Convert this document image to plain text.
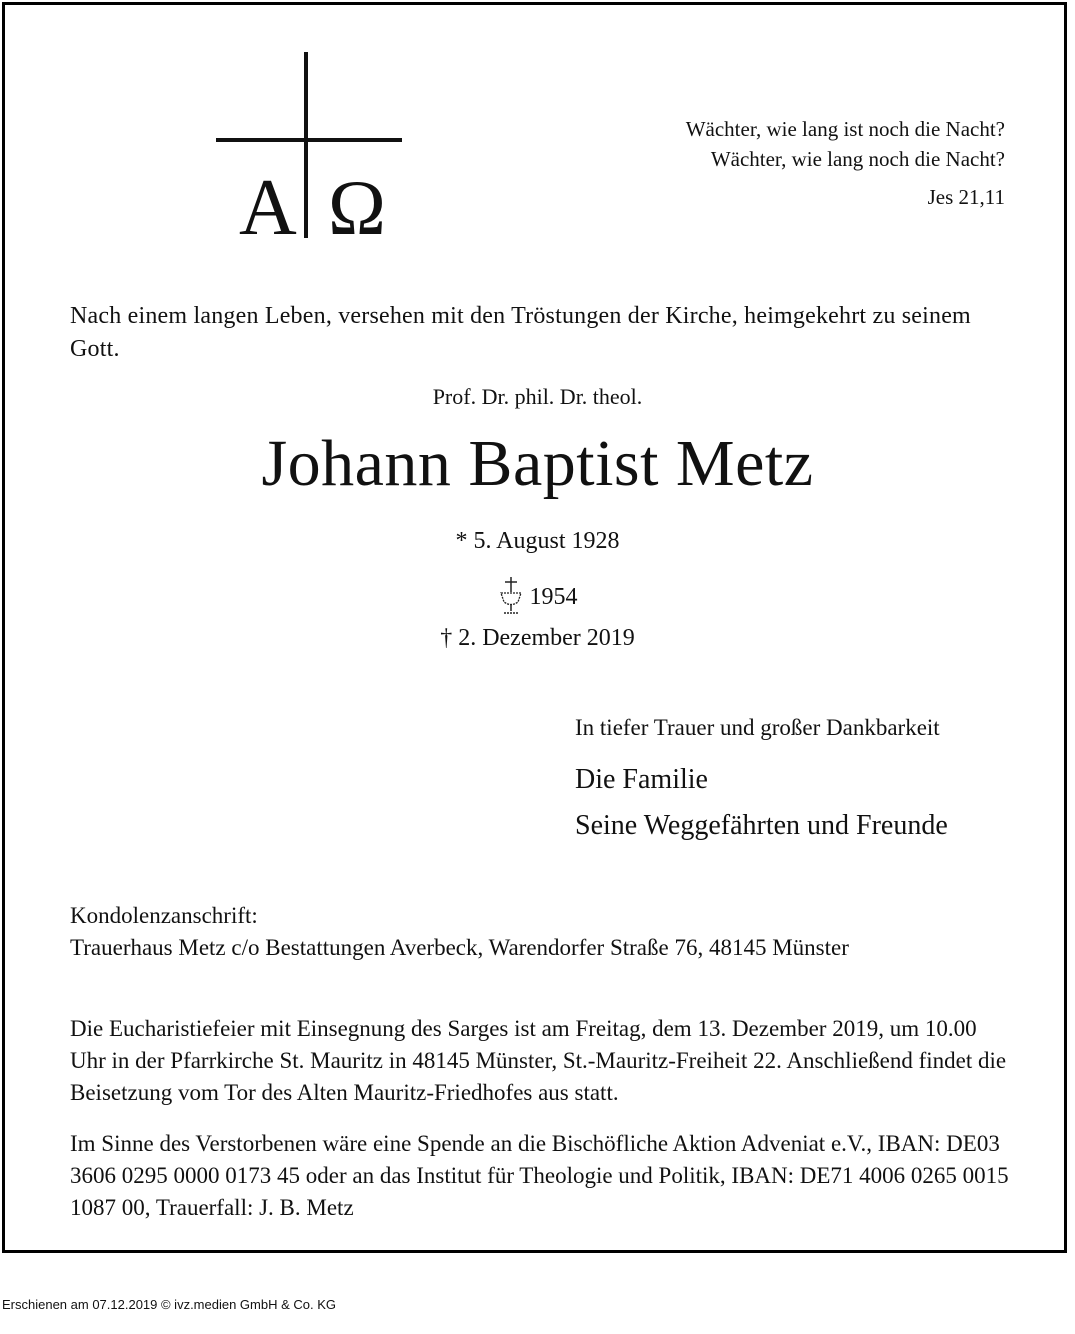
A Ω
Wächter, wie lang ist noch die Nacht?
Wächter, wie lang noch die Nacht?
Jes 21,11
Nach einem langen Leben, versehen mit den Tröstungen der Kirche, heimgekehrt zu seinem Gott.
Prof. Dr. phil. Dr. theol.
Johann Baptist Metz
* 5. August 1928
1954
† 2. Dezember 2019
In tiefer Trauer und großer Dankbarkeit
Die Familie
Seine Weggefährten und Freunde
Kondolenzanschrift:
Trauerhaus Metz c/o Bestattungen Averbeck, Warendorfer Straße 76, 48145 Münster
Die Eucharistiefeier mit Einsegnung des Sarges ist am Freitag, dem 13. Dezember 2019, um 10.00 Uhr in der Pfarrkirche St. Mauritz in 48145 Münster, St.-Mauritz-Freiheit 22. Anschließend findet die Beisetzung vom Tor des Alten Mauritz-Friedhofes aus statt.
Im Sinne des Verstorbenen wäre eine Spende an die Bischöfliche Aktion Adveniat e.V., IBAN: DE03 3606 0295 0000 0173 45 oder an das Institut für Theologie und Politik, IBAN: DE71 4006 0265 0015 1087 00, Trauerfall: J. B. Metz
Erschienen am 07.12.2019 © ivz.medien GmbH & Co. KG
